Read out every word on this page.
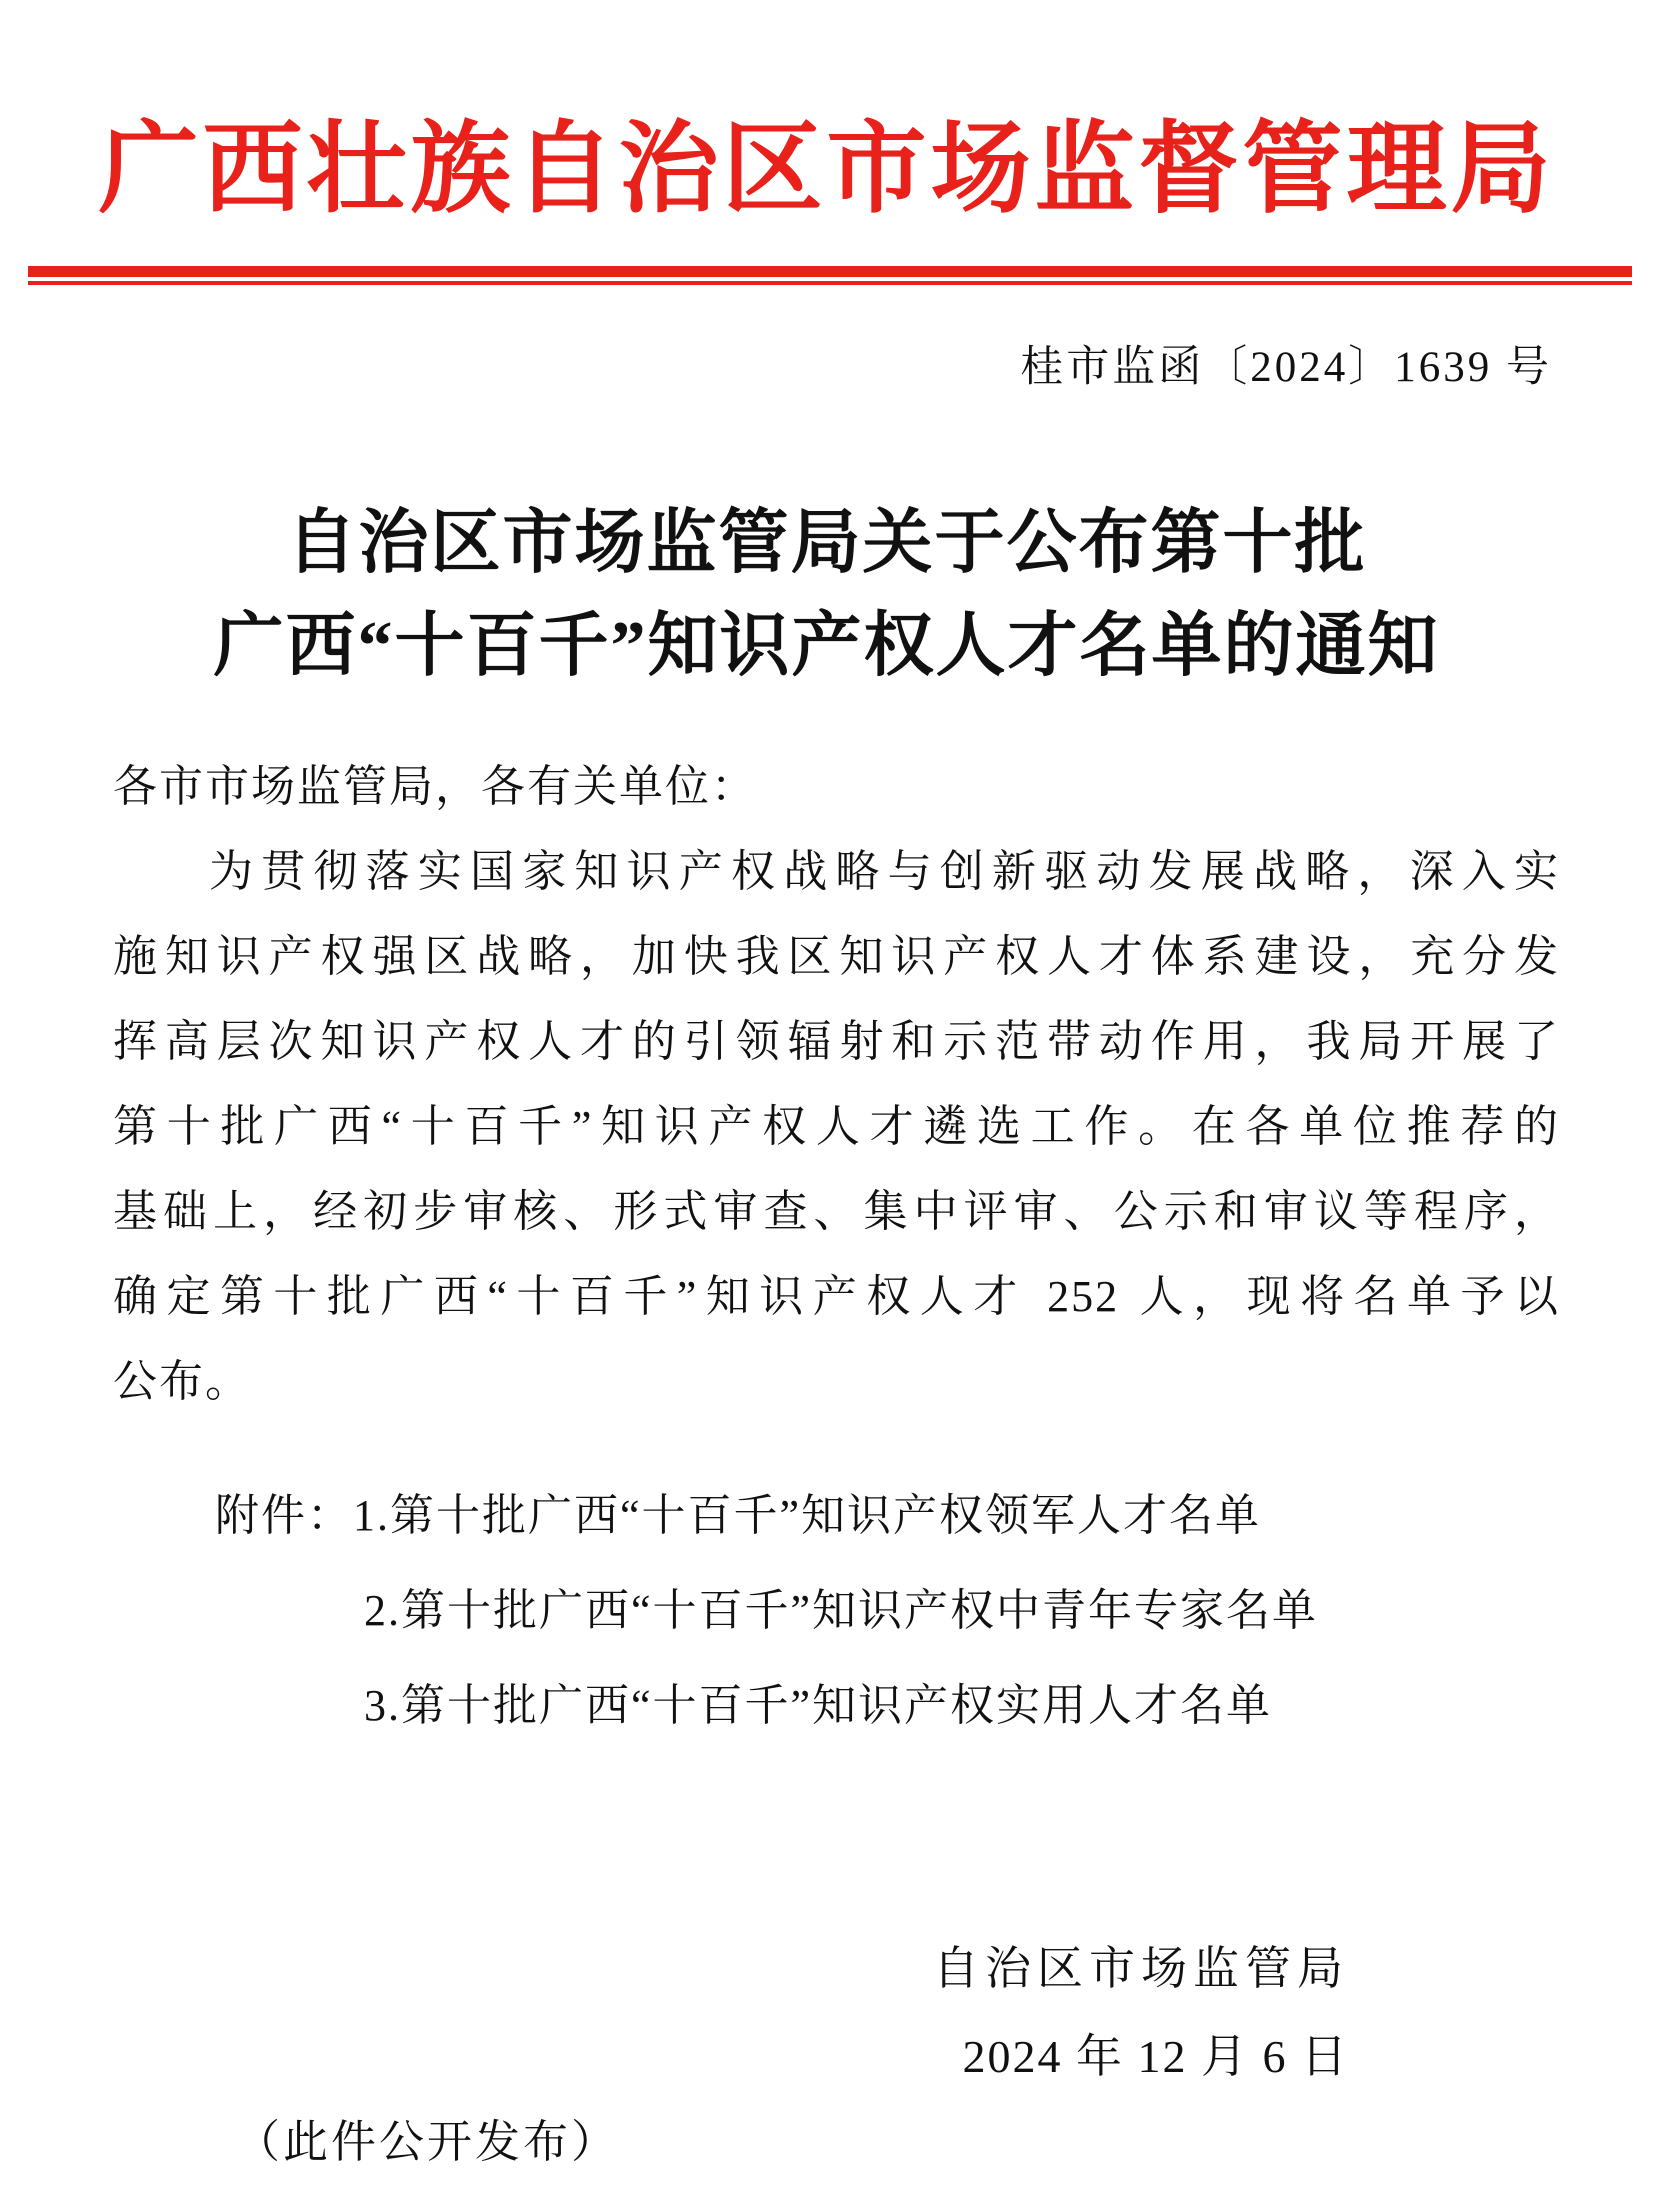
广西壮族自治区市场监督管理局
桂市监函〔2024〕1639 号
自治区市场监管局关于公布第十批
广西“十百千”知识产权人才名单的通知
各市市场监管局，各有关单位：
为贯彻落实国家知识产权战略与创新驱动发展战略，深入实
施知识产权强区战略，加快我区知识产权人才体系建设，充分发
挥高层次知识产权人才的引领辐射和示范带动作用，我局开展了
第十批广西“十百千”知识产权人才遴选工作。在各单位推荐的
基础上，经初步审核、形式审查、集中评审、公示和审议等程序，
确定第十批广西“十百千”知识产权人才 252 人，现将名单予以
公布。
附件：1.第十批广西“十百千”知识产权领军人才名单
2.第十批广西“十百千”知识产权中青年专家名单
3.第十批广西“十百千”知识产权实用人才名单
自治区市场监管局
2024 年 12 月 6 日
（此件公开发布）
